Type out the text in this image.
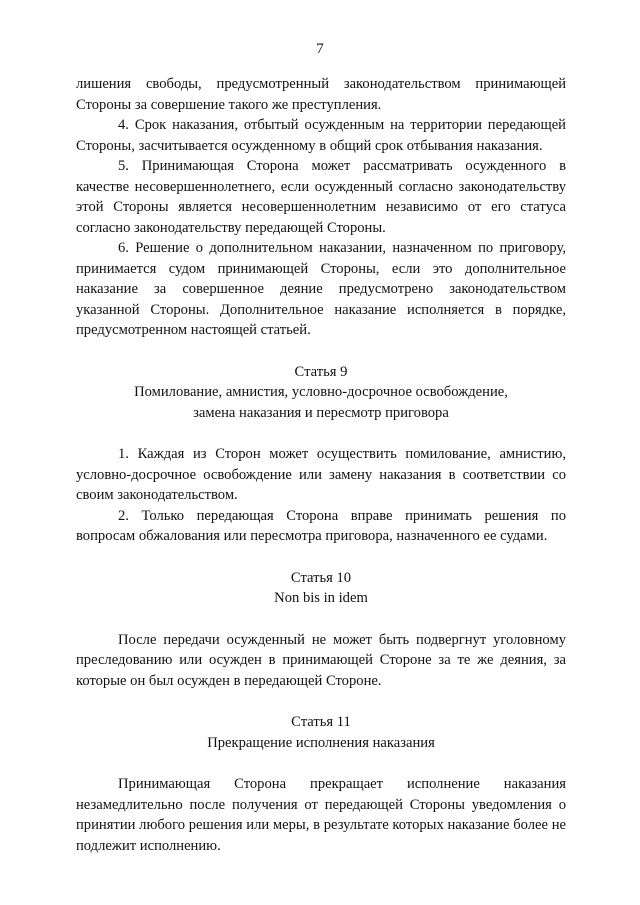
7

лишения свободы, предусмотренный законодательством принимающей Стороны за совершение такого же преступления.

4. Срок наказания, отбытый осужденным на территории передающей Стороны, засчитывается осужденному в общий срок отбывания наказания.

5. Принимающая Сторона может рассматривать осужденного в качестве несовершеннолетнего, если осужденный согласно законодательству этой Стороны является несовершеннолетним независимо от его статуса согласно законодательству передающей Стороны.

6. Решение о дополнительном наказании, назначенном по приговору, принимается судом принимающей Стороны, если это дополнительное наказание за совершенное деяние предусмотрено законодательством указанной Стороны. Дополнительное наказание исполняется в порядке, предусмотренном настоящей статьей.

Статья 9
Помилование, амнистия, условно-досрочное освобождение,
замена наказания и пересмотр приговора

1. Каждая из Сторон может осуществить помилование, амнистию, условно-досрочное освобождение или замену наказания в соответствии со своим законодательством.

2. Только передающая Сторона вправе принимать решения по вопросам обжалования или пересмотра приговора, назначенного ее судами.

Статья 10
Non bis in idem

После передачи осужденный не может быть подвергнут уголовному преследованию или осужден в принимающей Стороне за те же деяния, за которые он был осужден в передающей Стороне.

Статья 11
Прекращение исполнения наказания

Принимающая Сторона прекращает исполнение наказания незамедлительно после получения от передающей Стороны уведомления о принятии любого решения или меры, в результате которых наказание более не подлежит исполнению.
